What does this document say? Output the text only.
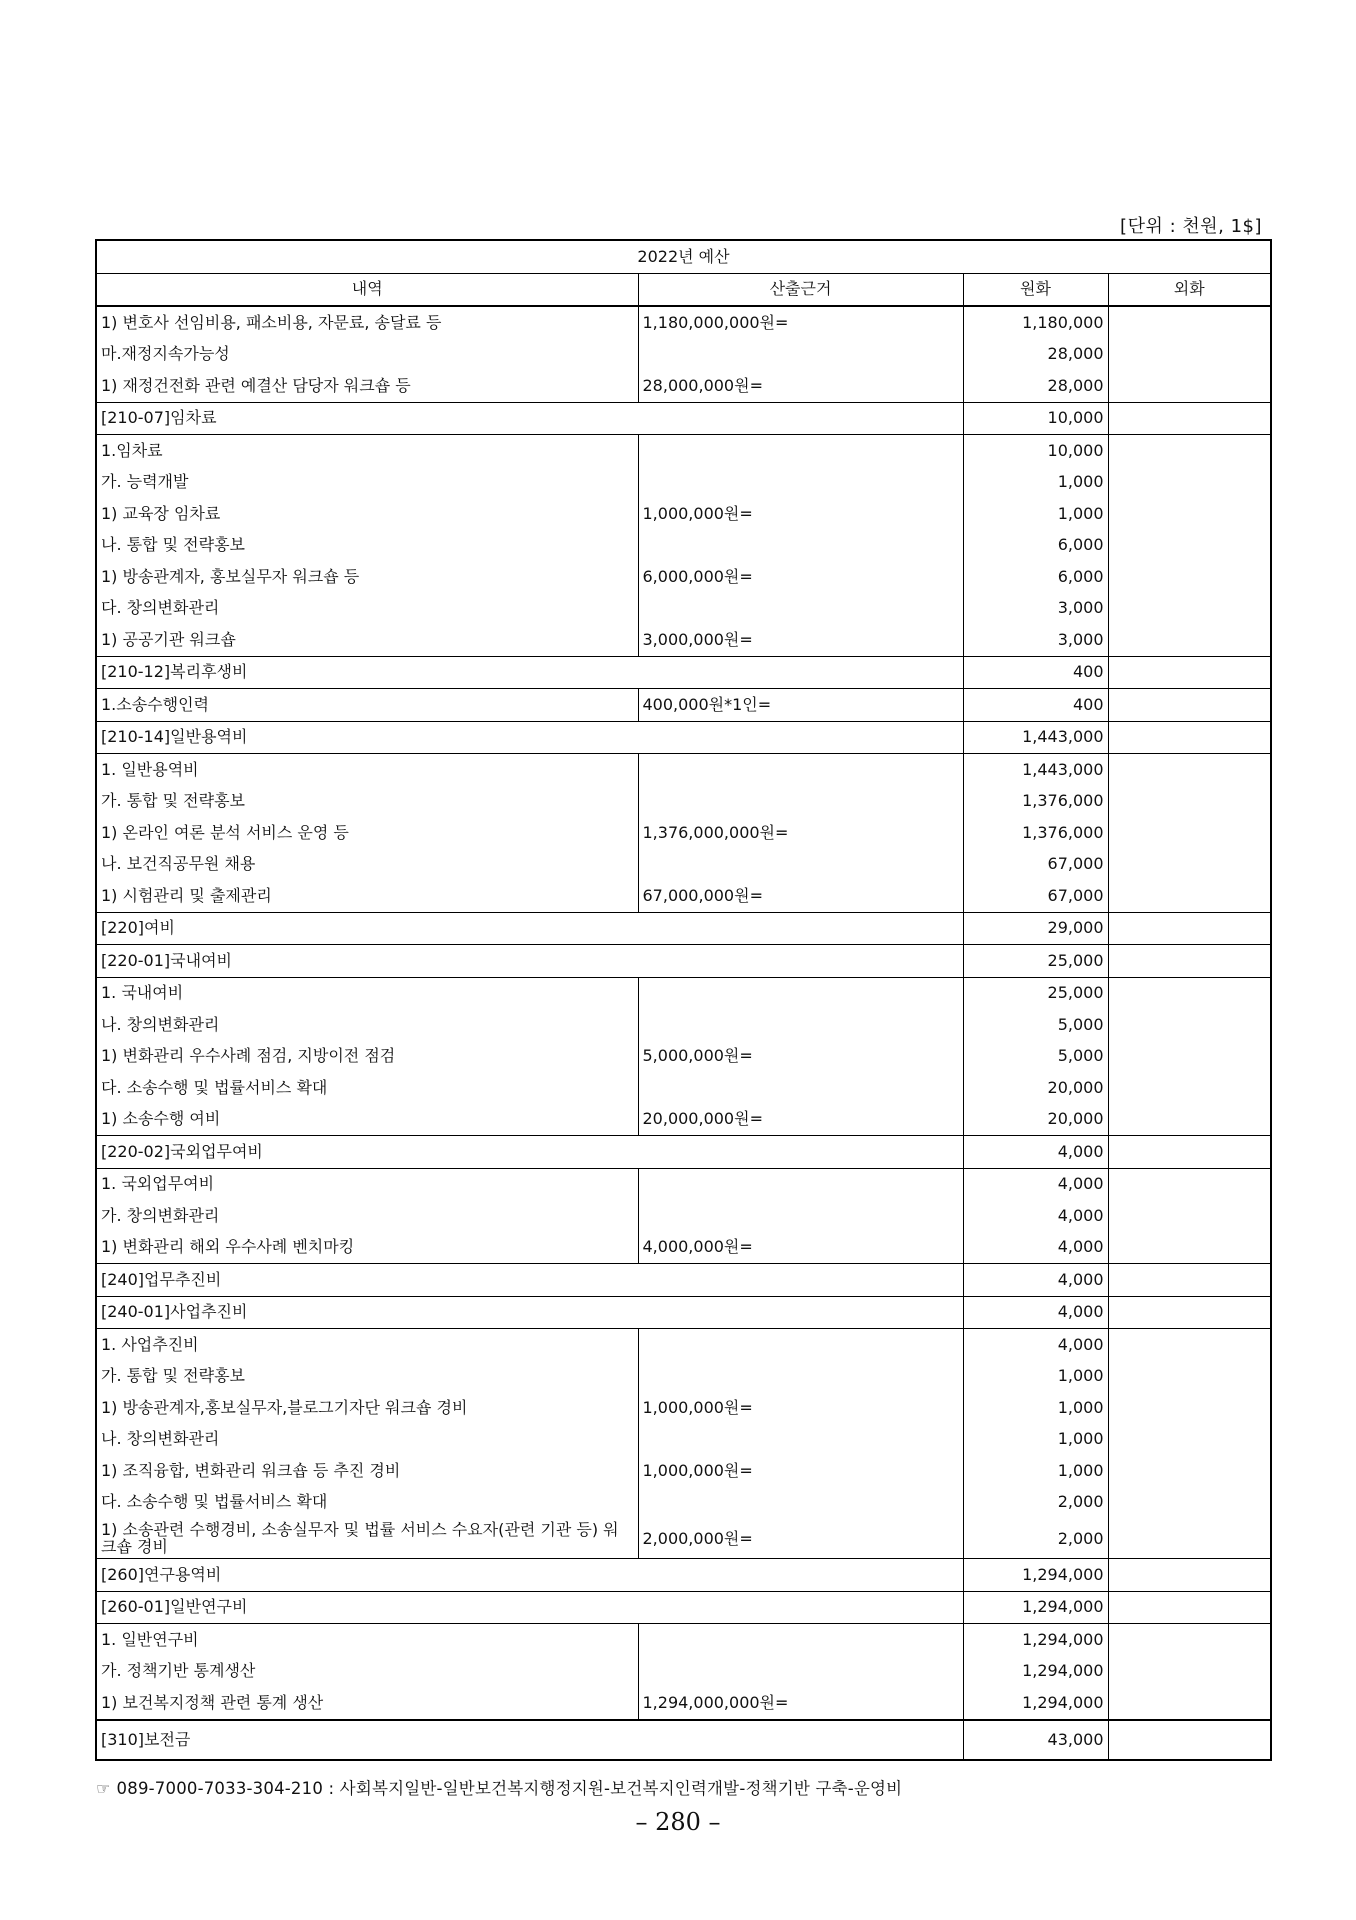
[단위 : 천원, 1$]
2022년 예산			
내역	산출근거	원화	외화
1) 변호사 선임비용, 패소비용, 자문료, 송달료 등	1,180,000,000원=	1,180,000	
마.재정지속가능성		28,000	
1) 재정건전화 관련 예결산 담당자 워크숍 등	28,000,000원=	28,000	
[210-07]임차료		10,000	
1.임차료		10,000	
가. 능력개발		1,000	
1) 교육장 임차료	1,000,000원=	1,000	
나. 통합 및 전략홍보		6,000	
1) 방송관계자, 홍보실무자 워크숍 등	6,000,000원=	6,000	
다. 창의변화관리		3,000	
1) 공공기관 워크숍	3,000,000원=	3,000	
[210-12]복리후생비		400	
1.소송수행인력	400,000원*1인=	400	
[210-14]일반용역비		1,443,000	
1. 일반용역비		1,443,000	
가. 통합 및 전략홍보		1,376,000	
1) 온라인 여론 분석 서비스 운영 등	1,376,000,000원=	1,376,000	
나. 보건직공무원 채용		67,000	
1) 시험관리 및 출제관리	67,000,000원=	67,000	
[220]여비		29,000	
[220-01]국내여비		25,000	
1. 국내여비		25,000	
나. 창의변화관리		5,000	
1) 변화관리 우수사례 점검, 지방이전 점검	5,000,000원=	5,000	
다. 소송수행 및 법률서비스 확대		20,000	
1) 소송수행 여비	20,000,000원=	20,000	
[220-02]국외업무여비		4,000	
1. 국외업무여비		4,000	
가. 창의변화관리		4,000	
1) 변화관리 해외 우수사례 벤치마킹	4,000,000원=	4,000	
[240]업무추진비		4,000	
[240-01]사업추진비		4,000	
1. 사업추진비		4,000	
가. 통합 및 전략홍보		1,000	
1) 방송관계자,홍보실무자,블로그기자단 워크숍 경비	1,000,000원=	1,000	
나. 창의변화관리		1,000	
1) 조직융합, 변화관리 워크숍 등 추진 경비	1,000,000원=	1,000	
다. 소송수행 및 법률서비스 확대		2,000	
1) 소송관련 수행경비, 소송실무자 및 법률 서비스 수요자(관련 기관 등) 워크숍 경비	2,000,000원=	2,000	
[260]연구용역비		1,294,000	
[260-01]일반연구비		1,294,000	
1. 일반연구비		1,294,000	
가. 정책기반 통계생산		1,294,000	
1) 보건복지정책 관련 통계 생산	1,294,000,000원=	1,294,000	
[310]보전금		43,000	
☞ 089-7000-7033-304-210 : 사회복지일반-일반보건복지행정지원-보건복지인력개발-정책기반 구축-운영비
– 280 –
